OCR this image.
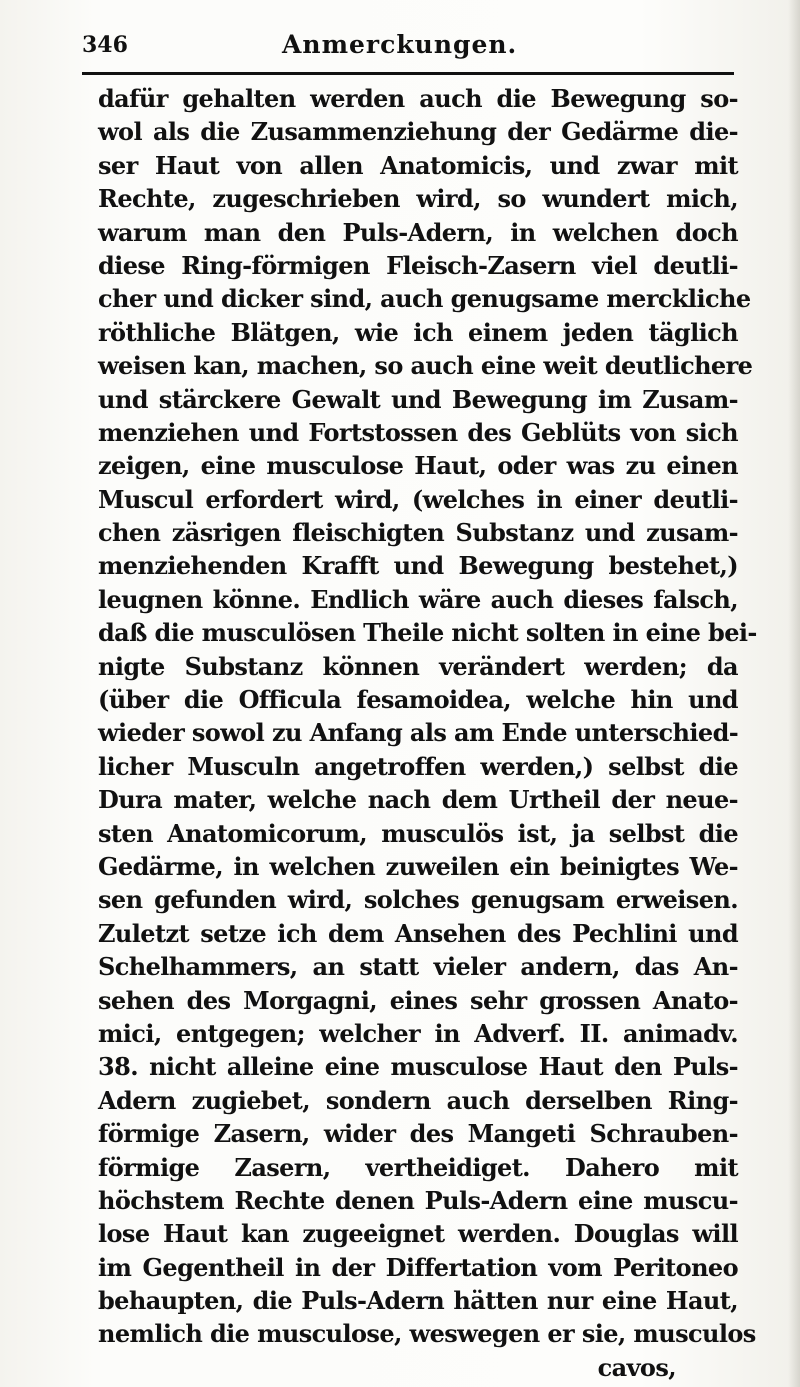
346	Anmerckungen.
dafür gehalten werden auch die Bewegung so-
wol als die Zusammenziehung der Gedärme die-
ser Haut von allen Anatomicis, und zwar mit
Rechte, zugeschrieben wird, so wundert mich,
warum man den Puls-Adern, in welchen doch
diese Ring-förmigen Fleisch-Zasern viel deutli-
cher und dicker sind, auch genugsame merckliche
röthliche Blätgen, wie ich einem jeden täglich
weisen kan, machen, so auch eine weit deutlichere
und stärckere Gewalt und Bewegung im Zusam-
menziehen und Fortstossen des Geblüts von sich
zeigen, eine musculose Haut, oder was zu einen
Muscul erfordert wird, (welches in einer deutli-
chen zäsrigen fleischigten Substanz und zusam-
menziehenden Krafft und Bewegung bestehet,)
leugnen könne. Endlich wäre auch dieses falsch,
daß die musculösen Theile nicht solten in eine bei-
nigte Substanz können verändert werden; da
(über die Officula fesamoidea, welche hin und
wieder sowol zu Anfang als am Ende unterschied-
licher Musculn angetroffen werden,) selbst die
Dura mater, welche nach dem Urtheil der neue-
sten Anatomicorum, musculös ist, ja selbst die
Gedärme, in welchen zuweilen ein beinigtes We-
sen gefunden wird, solches genugsam erweisen.
Zuletzt setze ich dem Ansehen des Pechlini und
Schelhammers, an statt vieler andern, das An-
sehen des Morgagni, eines sehr grossen Anato-
mici, entgegen; welcher in Adverf. II. animadv.
38. nicht alleine eine musculose Haut den Puls-
Adern zugiebet, sondern auch derselben Ring-
förmige Zasern, wider des Mangeti Schrauben-
förmige Zasern, vertheidiget. Dahero mit
höchstem Rechte denen Puls-Adern eine muscu-
lose Haut kan zugeeignet werden. Douglas will
im Gegentheil in der Differtation vom Peritoneo
behaupten, die Puls-Adern hätten nur eine Haut,
nemlich die musculose, weswegen er sie, musculos
cavos,
